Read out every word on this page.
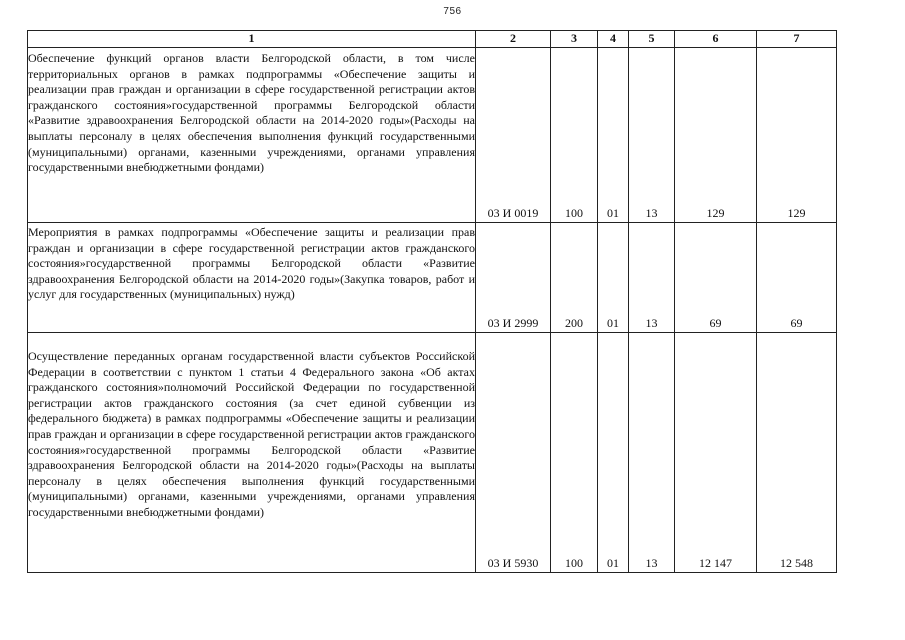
756
1	2	3	4	5	6	7
Обеспечение функций органов власти Белгородской области, в том числе территориальных органов в рамках подпрограммы «Обеспечение защиты и реализации прав граждан и организации в сфере государственной регистрации актов гражданского состояния»государственной программы Белгородской области «Развитие здравоохранения Белгородской области на 2014-2020 годы»(Расходы на выплаты персоналу в целях обеспечения выполнения функций государственными (муниципальными) органами, казенными учреждениями, органами управления государственными внебюджетными фондами)	03 И 0019	100	01	13	129	129
Мероприятия в рамках подпрограммы «Обеспечение защиты и реализации прав граждан и организации в сфере государственной регистрации актов гражданского состояния»государственной программы Белгородской области «Развитие здравоохранения Белгородской области на 2014-2020 годы»(Закупка товаров, работ и услуг для государственных (муниципальных) нужд)	03 И 2999	200	01	13	69	69
Осуществление переданных органам государственной власти субъектов Российской Федерации в соответствии с пунктом 1 статьи 4 Федерального закона «Об актах гражданского состояния»полномочий Российской Федерации по государственной регистрации актов гражданского состояния (за счет единой субвенции из федерального бюджета) в рамках подпрограммы «Обеспечение защиты и реализации прав граждан и организации в сфере государственной регистрации актов гражданского состояния»государственной программы Белгородской области «Развитие здравоохранения Белгородской области на 2014-2020 годы»(Расходы на выплаты персоналу в целях обеспечения выполнения функций государственными (муниципальными) органами, казенными учреждениями, органами управления государственными внебюджетными фондами)	03 И 5930	100	01	13	12 147	12 548
